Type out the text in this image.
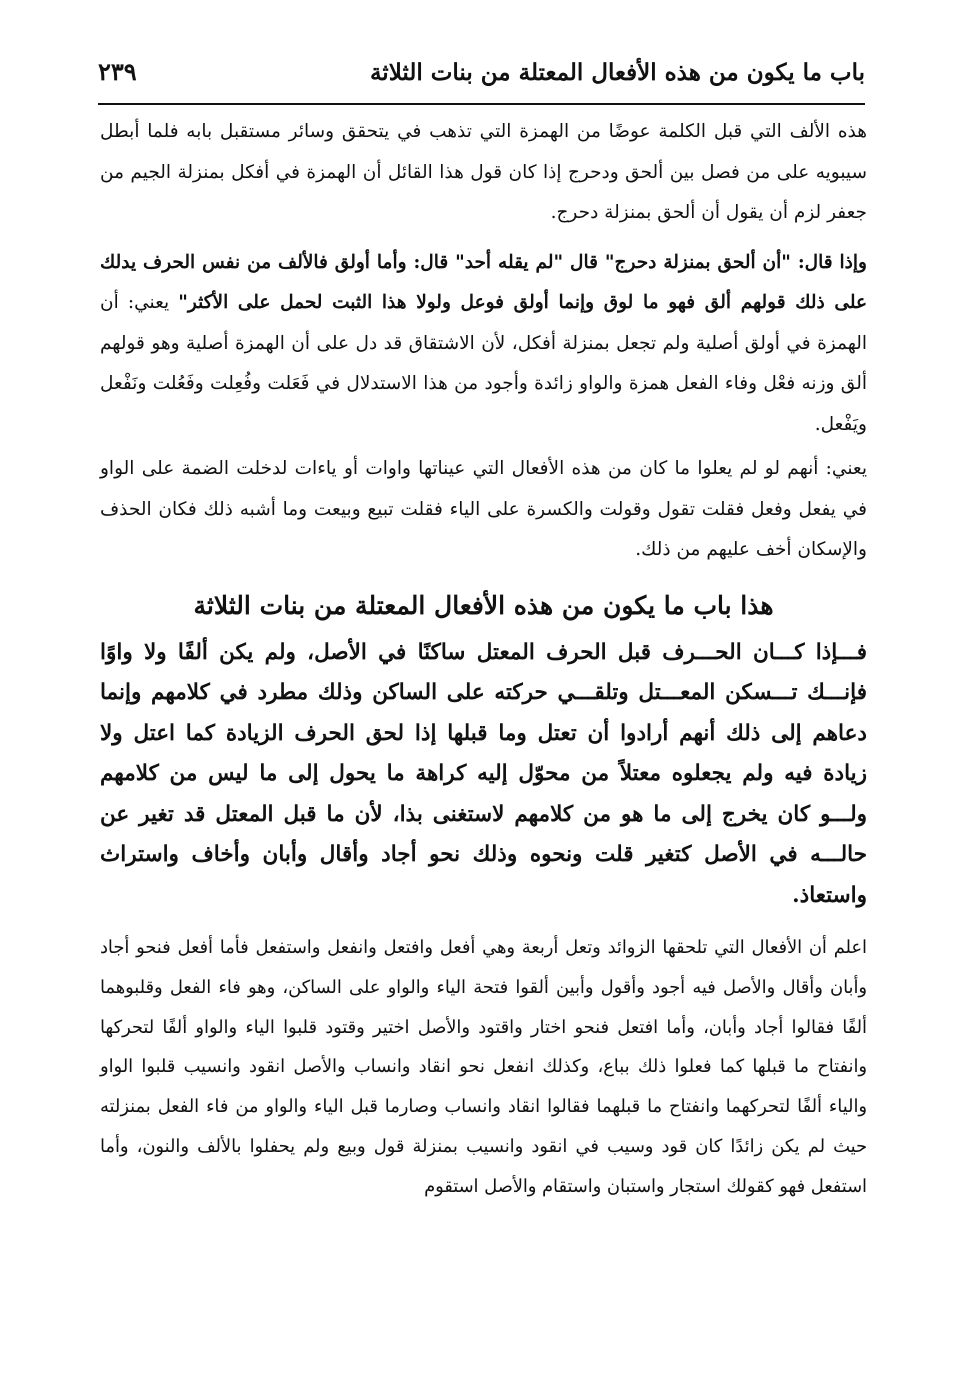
باب ما يكون من هذه الأفعال المعتلة من بنات الثلاثة
٢٣٩

هذه الألف التي قبل الكلمة عوضًا من الهمزة التي تذهب في يتحقق وسائر مستقبل بابه فلما أبطل سيبويه على من فصل بين ألحق ودحرج إذا كان قول هذا القائل أن الهمزة في أفكل بمنزلة الجيم من جعفر لزم أن يقول أن ألحق بمنزلة دحرج.

وإذا قال: "أن ألحق بمنزلة دحرج" قال "لم يقله أحد" قال: وأما أولق فالألف من نفس الحرف يدلك على ذلك قولهم ألق فهو ما لوق وإنما أولق فوعل ولولا هذا الثبت لحمل على الأكثر" يعني: أن الهمزة في أولق أصلية ولم تجعل بمنزلة أفكل، لأن الاشتقاق قد دل على أن الهمزة أصلية وهو قولهم ألق وزنه فعْل وفاء الفعل همزة والواو زائدة وأجود من هذا الاستدلال في فَعَلت وفُعِلت وفَعُلت ونَفْعل ويَفْعل.

يعني: أنهم لو لم يعلوا ما كان من هذه الأفعال التي عيناتها واوات أو ياءات لدخلت الضمة على الواو في يفعل وفعل فقلت تقول وقولت والكسرة على الياء فقلت تبيع وبيعت وما أشبه ذلك فكان الحذف والإسكان أخف عليهم من ذلك.

هذا باب ما يكون من هذه الأفعال المعتلة من بنات الثلاثة

فـــإذا كـــان الحـــرف قبل الحرف المعتل ساكنًا في الأصل، ولم يكن ألفًا ولا واوًا فإنـــك تـــسكن المعـــتل وتلقـــي حركته على الساكن وذلك مطرد في كلامهم وإنما دعاهم إلى ذلك أنهم أرادوا أن تعتل وما قبلها إذا لحق الحرف الزيادة كما اعتل ولا زيادة فيه ولم يجعلوه معتلاً من محوّل إليه كراهة ما يحول إلى ما ليس من كلامهم ولـــو كان يخرج إلى ما هو من كلامهم لاستغنى بذا، لأن ما قبل المعتل قد تغير عن حالـــه في الأصل كتغير قلت ونحوه وذلك نحو أجاد وأقال وأبان وأخاف واستراث واستعاذ.

اعلم أن الأفعال التي تلحقها الزوائد وتعل أربعة وهي أفعل وافتعل وانفعل واستفعل فأما أفعل فنحو أجاد وأبان وأقال والأصل فيه أجود وأقول وأبين ألقوا فتحة الياء والواو على الساكن، وهو فاء الفعل وقلبوهما ألفًا فقالوا أجاد وأبان، وأما افتعل فنحو اختار واقتود والأصل اختير وقتود قلبوا الياء والواو ألفًا لتحركها وانفتاح ما قبلها كما فعلوا ذلك بباع، وكذلك انفعل نحو انقاد وانساب والأصل انقود وانسيب قلبوا الواو والياء ألفًا لتحركهما وانفتاح ما قبلهما فقالوا انقاد وانساب وصارما قبل الياء والواو من فاء الفعل بمنزلته حيث لم يكن زائدًا كان قود وسيب في انقود وانسيب بمنزلة قول وبيع ولم يحفلوا بالألف والنون، وأما استفعل فهو كقولك استجار واستبان واستقام والأصل استقوم
